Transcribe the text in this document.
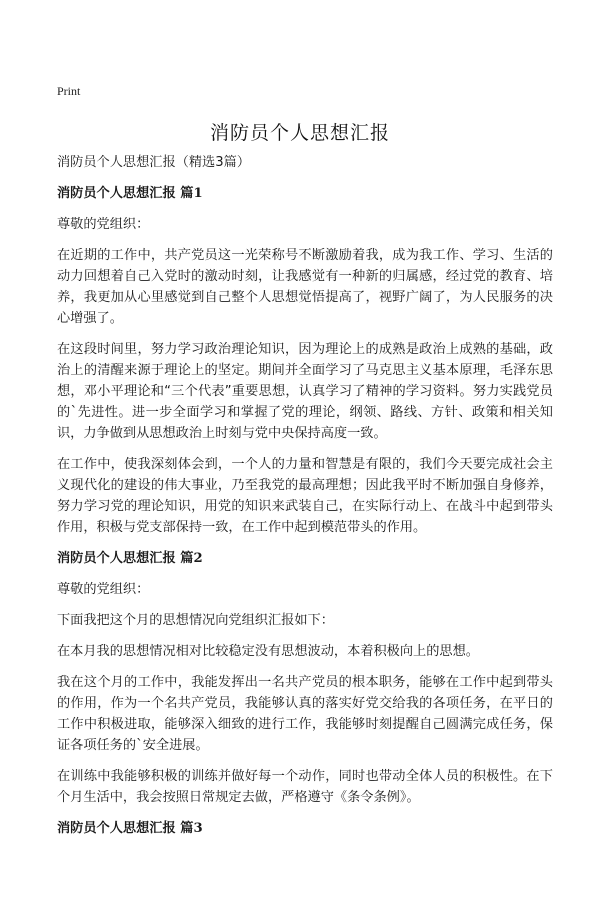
Print
消防员个人思想汇报

消防员个人思想汇报（精选3篇）

消防员个人思想汇报 篇1

尊敬的党组织：

在近期的工作中，共产党员这一光荣称号不断激励着我，成为我工作、学习、生活的动力回想着自己入党时的激动时刻，让我感觉有一种新的归属感，经过党的教育、培养，我更加从心里感觉到自己整个人思想觉悟提高了，视野广阔了，为人民服务的决心增强了。

在这段时间里，努力学习政治理论知识，因为理论上的成熟是政治上成熟的基础，政治上的清醒来源于理论上的坚定。期间并全面学习了马克思主义基本原理，毛泽东思想，邓小平理论和“三个代表”重要思想，认真学习了精神的学习资料。努力实践党员的`先进性。进一步全面学习和掌握了党的理论，纲领、路线、方针、政策和相关知识，力争做到从思想政治上时刻与党中央保持高度一致。

在工作中，使我深刻体会到，一个人的力量和智慧是有限的，我们今天要完成社会主义现代化的建设的伟大事业，乃至我党的最高理想；因此我平时不断加强自身修养，努力学习党的理论知识，用党的知识来武装自己，在实际行动上、在战斗中起到带头作用，积极与党支部保持一致，在工作中起到模范带头的作用。

消防员个人思想汇报 篇2

尊敬的党组织：

下面我把这个月的思想情况向党组织汇报如下：

在本月我的思想情况相对比较稳定没有思想波动，本着积极向上的思想。

我在这个月的工作中，我能发挥出一名共产党员的根本职务，能够在工作中起到带头的作用，作为一个名共产党员，我能够认真的落实好党交给我的各项任务，在平日的工作中积极进取，能够深入细致的进行工作，我能够时刻提醒自己圆满完成任务，保证各项任务的`安全进展。

在训练中我能够积极的训练并做好每一个动作，同时也带动全体人员的积极性。在下个月生活中，我会按照日常规定去做，严格遵守《条令条例》。

消防员个人思想汇报 篇3
